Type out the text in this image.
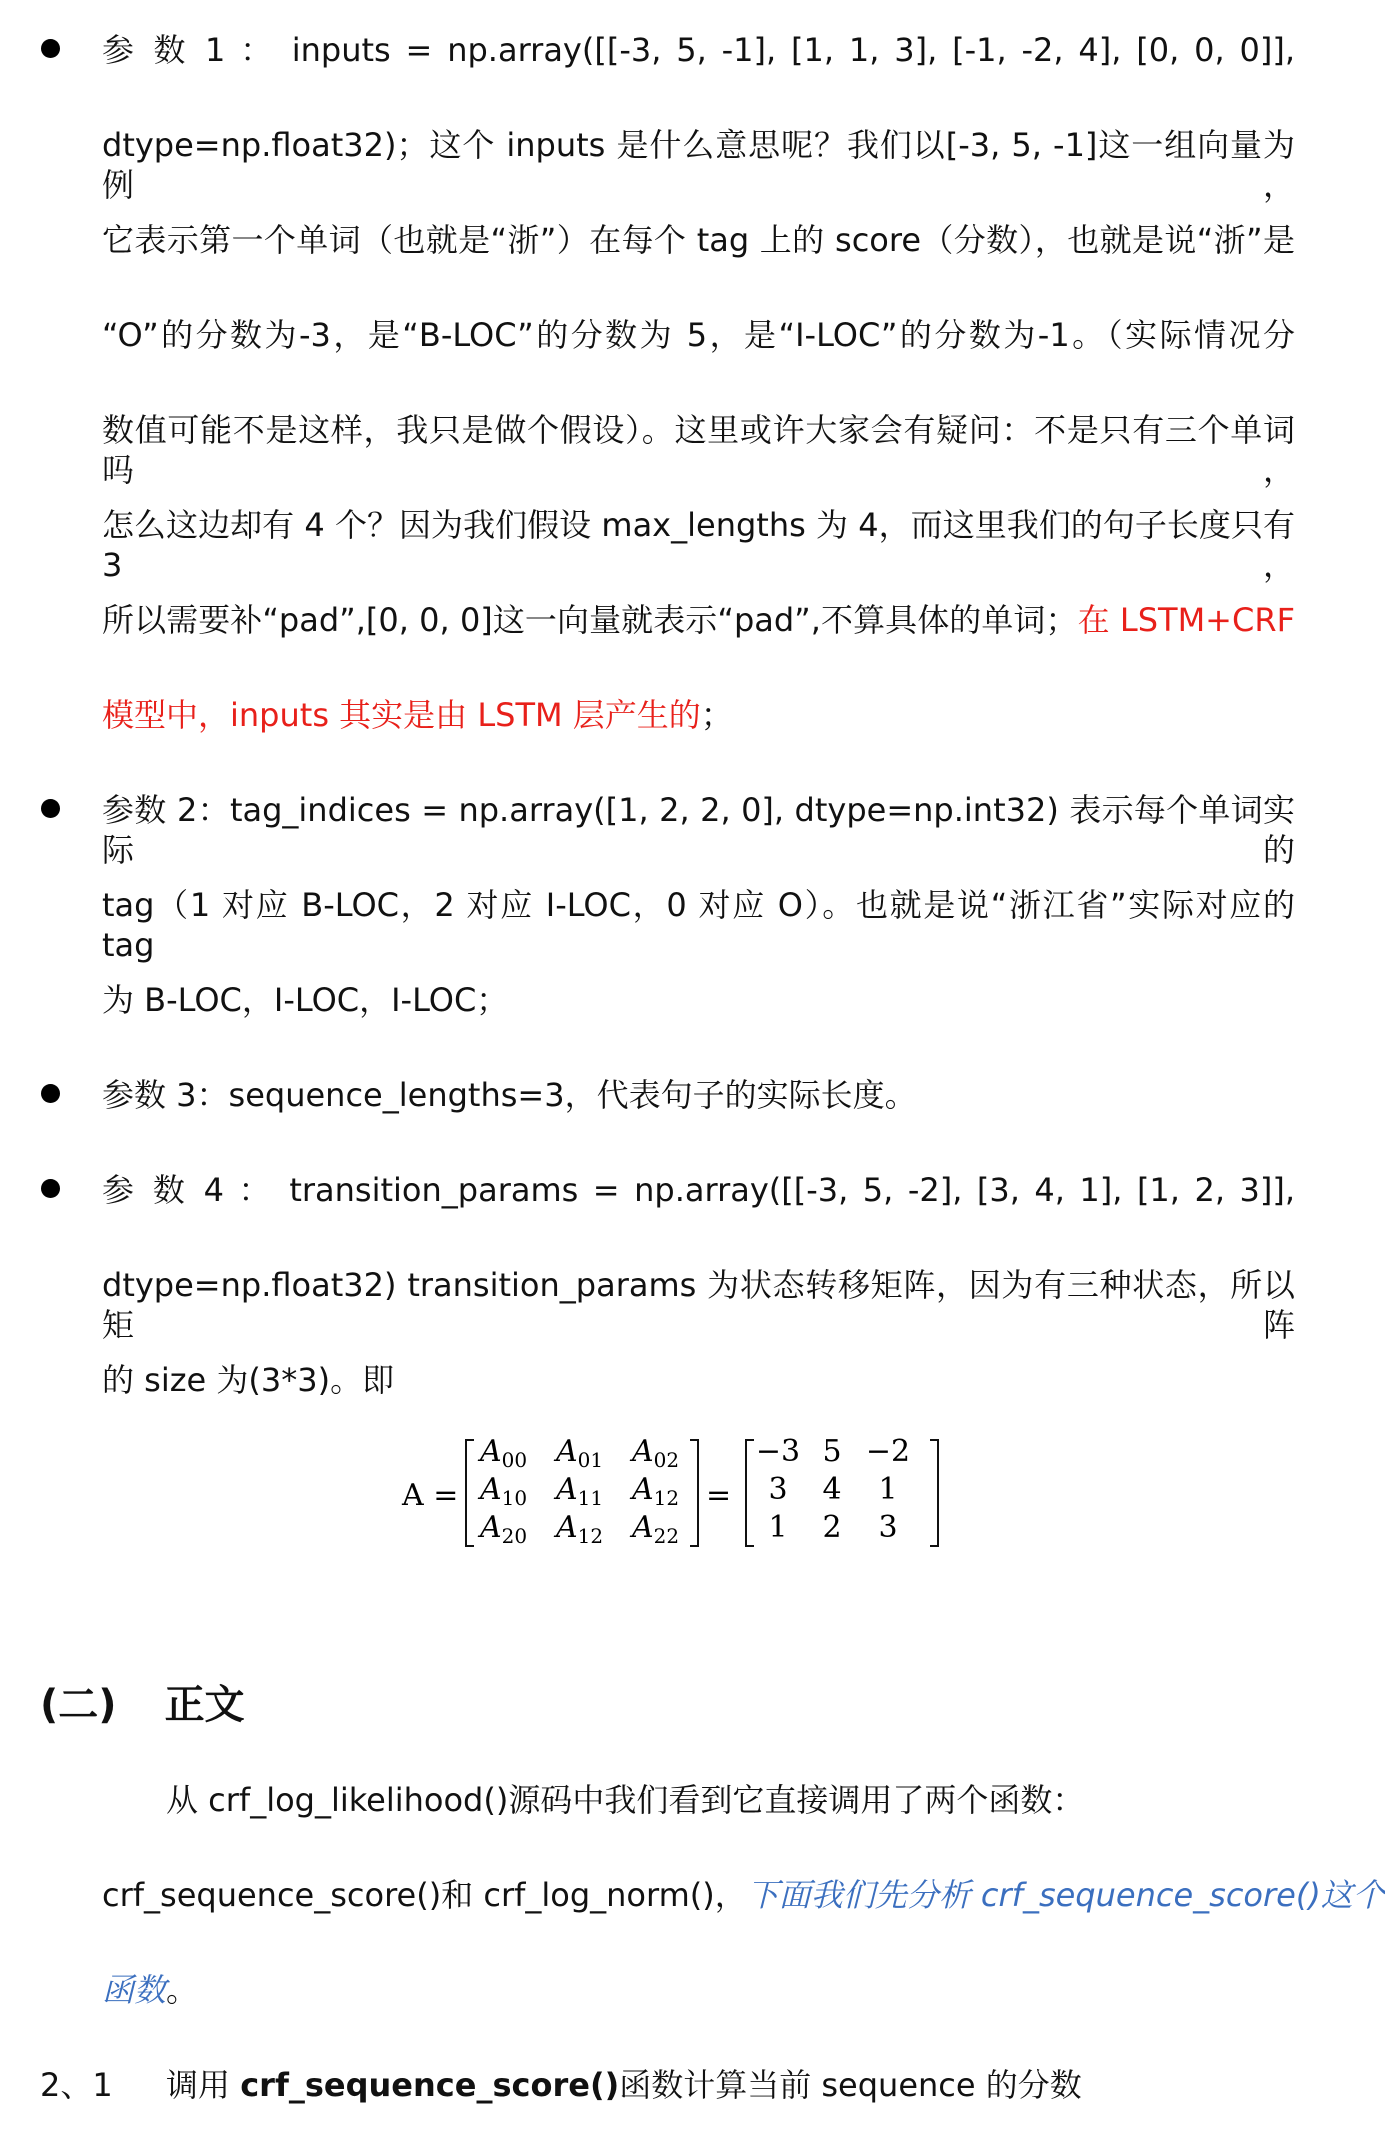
参 数 1 ： inputs = np.array([[-3, 5, -1], [1, 1, 3], [-1, -2, 4], [0, 0, 0]],
dtype=np.float32)；这个 inputs 是什么意思呢？我们以[-3, 5, -1]这一组向量为例，
它表示第一个单词（也就是“浙”）在每个 tag 上的 score（分数），也就是说“浙”是
“O”的分数为-3，是“B-LOC”的分数为 5，是“I-LOC”的分数为-1。（实际情况分
数值可能不是这样，我只是做个假设）。这里或许大家会有疑问：不是只有三个单词吗，
怎么这边却有 4 个？因为我们假设 max_lengths 为 4，而这里我们的句子长度只有 3，
所以需要补“pad”,[0, 0, 0]这一向量就表示“pad”,不算具体的单词；在 LSTM+CRF
模型中，inputs 其实是由 LSTM 层产生的；
参数 2：tag_indices = np.array([1, 2, 2, 0], dtype=np.int32) 表示每个单词实际的
tag（1 对应 B-LOC，2 对应 I-LOC，0 对应 O）。也就是说“浙江省”实际对应的 tag
为 B-LOC，I-LOC，I-LOC；
参数 3：sequence_lengths=3，代表句子的实际长度。
参 数 4 ： transition_params = np.array([[-3, 5, -2], [3, 4, 1], [1, 2, 3]],
dtype=np.float32) transition_params 为状态转移矩阵，因为有三种状态，所以矩阵
的 size 为(3*3)。即
A =
$A_{00}$ $A_{01}$ $A_{02}$
$A_{10}$ $A_{11}$ $A_{12}$
$A_{20}$ $A_{12}$ $A_{22}$
=
−3 5 −2
3 4 1
1 2 3
(二) 正文
从 crf_log_likelihood()源码中我们看到它直接调用了两个函数：
crf_sequence_score()和 crf_log_norm()，下面我们先分析 crf_sequence_score()这个
函数。
2、1 调用 crf_sequence_score()函数计算当前 sequence 的分数
